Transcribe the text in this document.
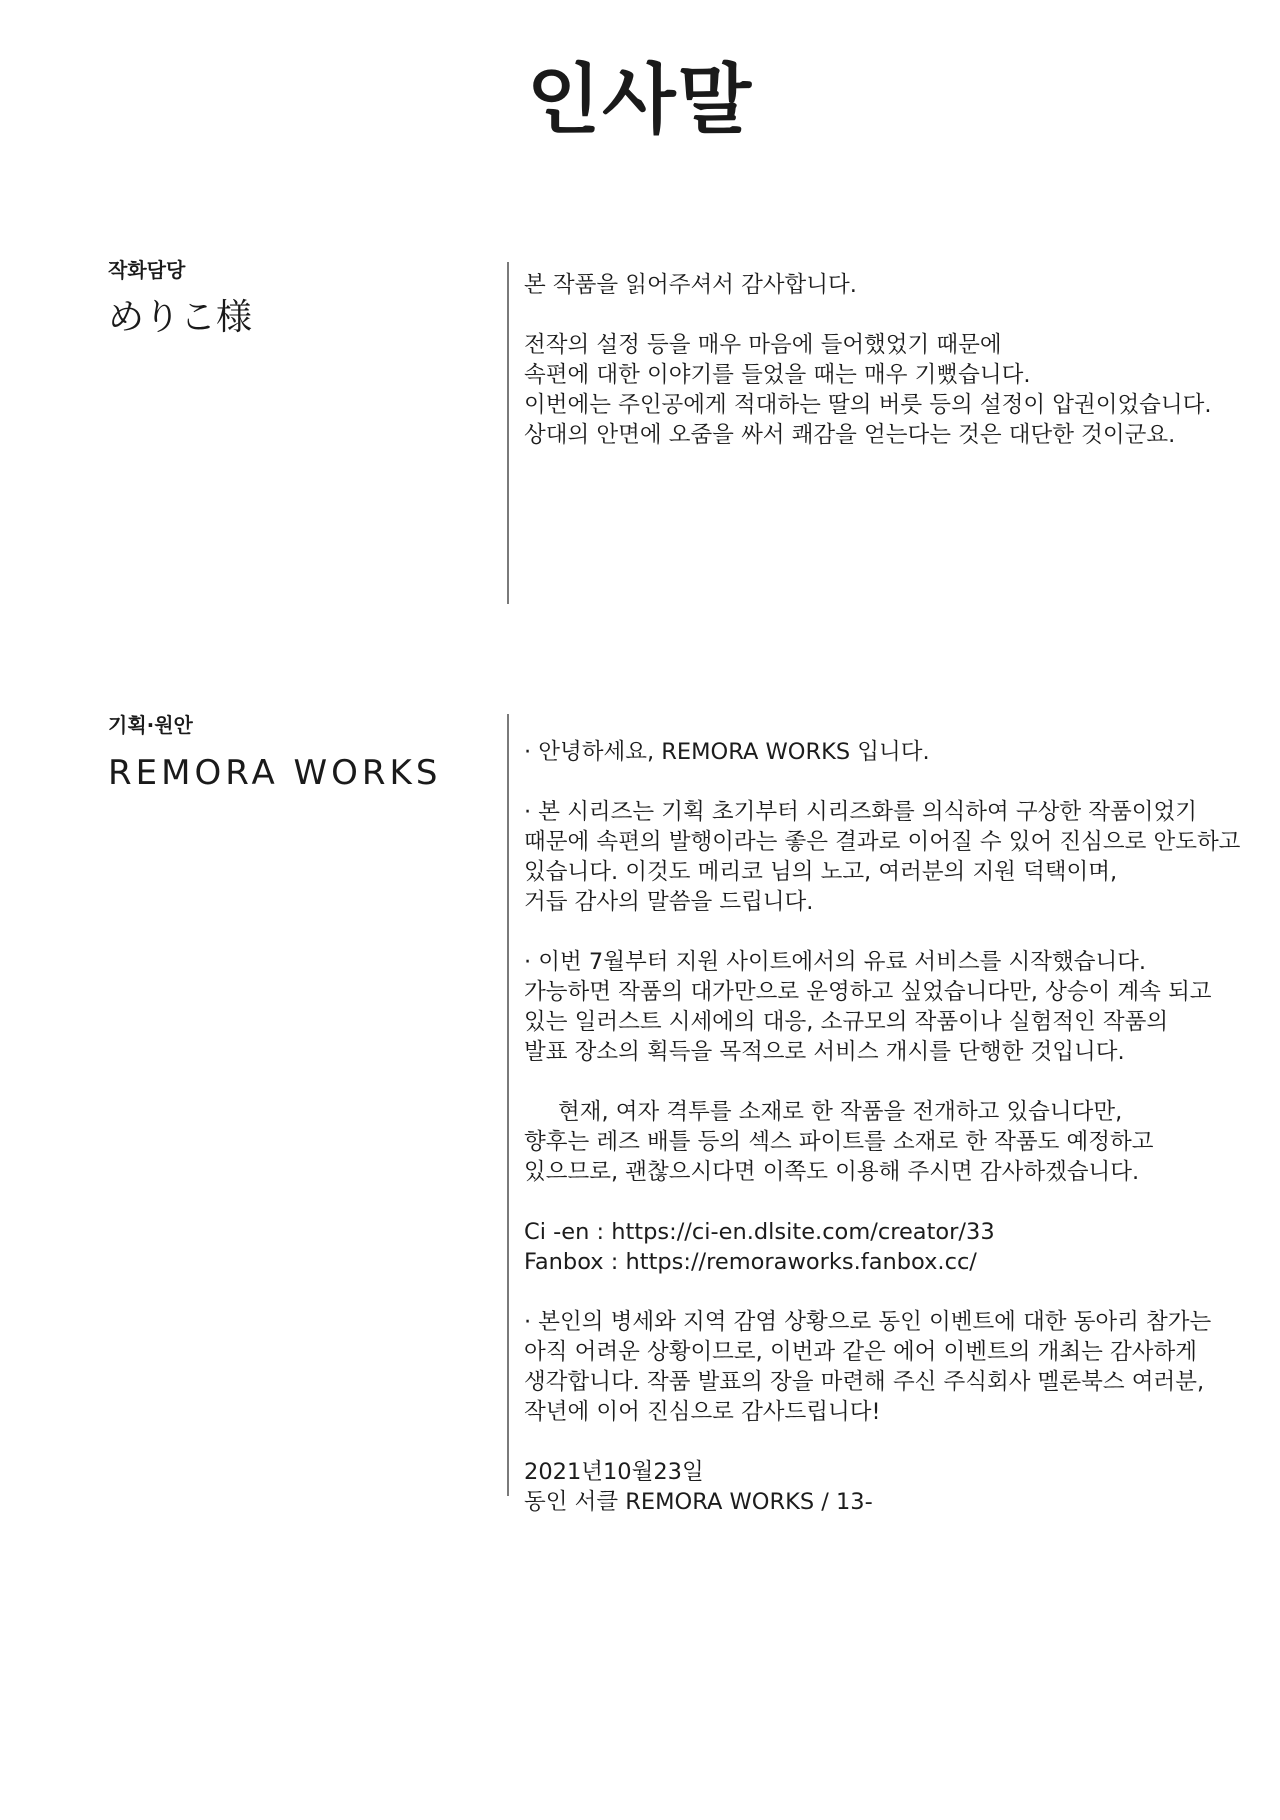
인사말
작화담당
めりこ様
본 작품을 읽어주셔서 감사합니다.
전작의 설정 등을 매우 마음에 들어했었기 때문에
속편에 대한 이야기를 들었을 때는 매우 기뻤습니다.
이번에는 주인공에게 적대하는 딸의 버릇 등의 설정이 압권이었습니다.
상대의 안면에 오줌을 싸서 쾌감을 얻는다는 것은 대단한 것이군요.
기획·원안
REMORA WORKS
· 안녕하세요, REMORA WORKS 입니다.
· 본 시리즈는 기획 초기부터 시리즈화를 의식하여 구상한 작품이었기
때문에 속편의 발행이라는 좋은 결과로 이어질 수 있어 진심으로 안도하고
있습니다. 이것도 메리코 님의 노고, 여러분의 지원 덕택이며,
거듭 감사의 말씀을 드립니다.
· 이번 7월부터 지원 사이트에서의 유료 서비스를 시작했습니다.
가능하면 작품의 대가만으로 운영하고 싶었습니다만, 상승이 계속 되고
있는 일러스트 시세에의 대응, 소규모의 작품이나 실험적인 작품의
발표 장소의 획득을 목적으로 서비스 개시를 단행한 것입니다.
현재, 여자 격투를 소재로 한 작품을 전개하고 있습니다만,
향후는 레즈 배틀 등의 섹스 파이트를 소재로 한 작품도 예정하고
있으므로, 괜찮으시다면 이쪽도 이용해 주시면 감사하겠습니다.
Ci -en : https://ci-en.dlsite.com/creator/33
Fanbox : https://remoraworks.fanbox.cc/
· 본인의 병세와 지역 감염 상황으로 동인 이벤트에 대한 동아리 참가는
아직 어려운 상황이므로, 이번과 같은 에어 이벤트의 개최는 감사하게
생각합니다. 작품 발표의 장을 마련해 주신 주식회사 멜론북스 여러분,
작년에 이어 진심으로 감사드립니다!
2021년10월23일
동인 서클 REMORA WORKS / 13-
